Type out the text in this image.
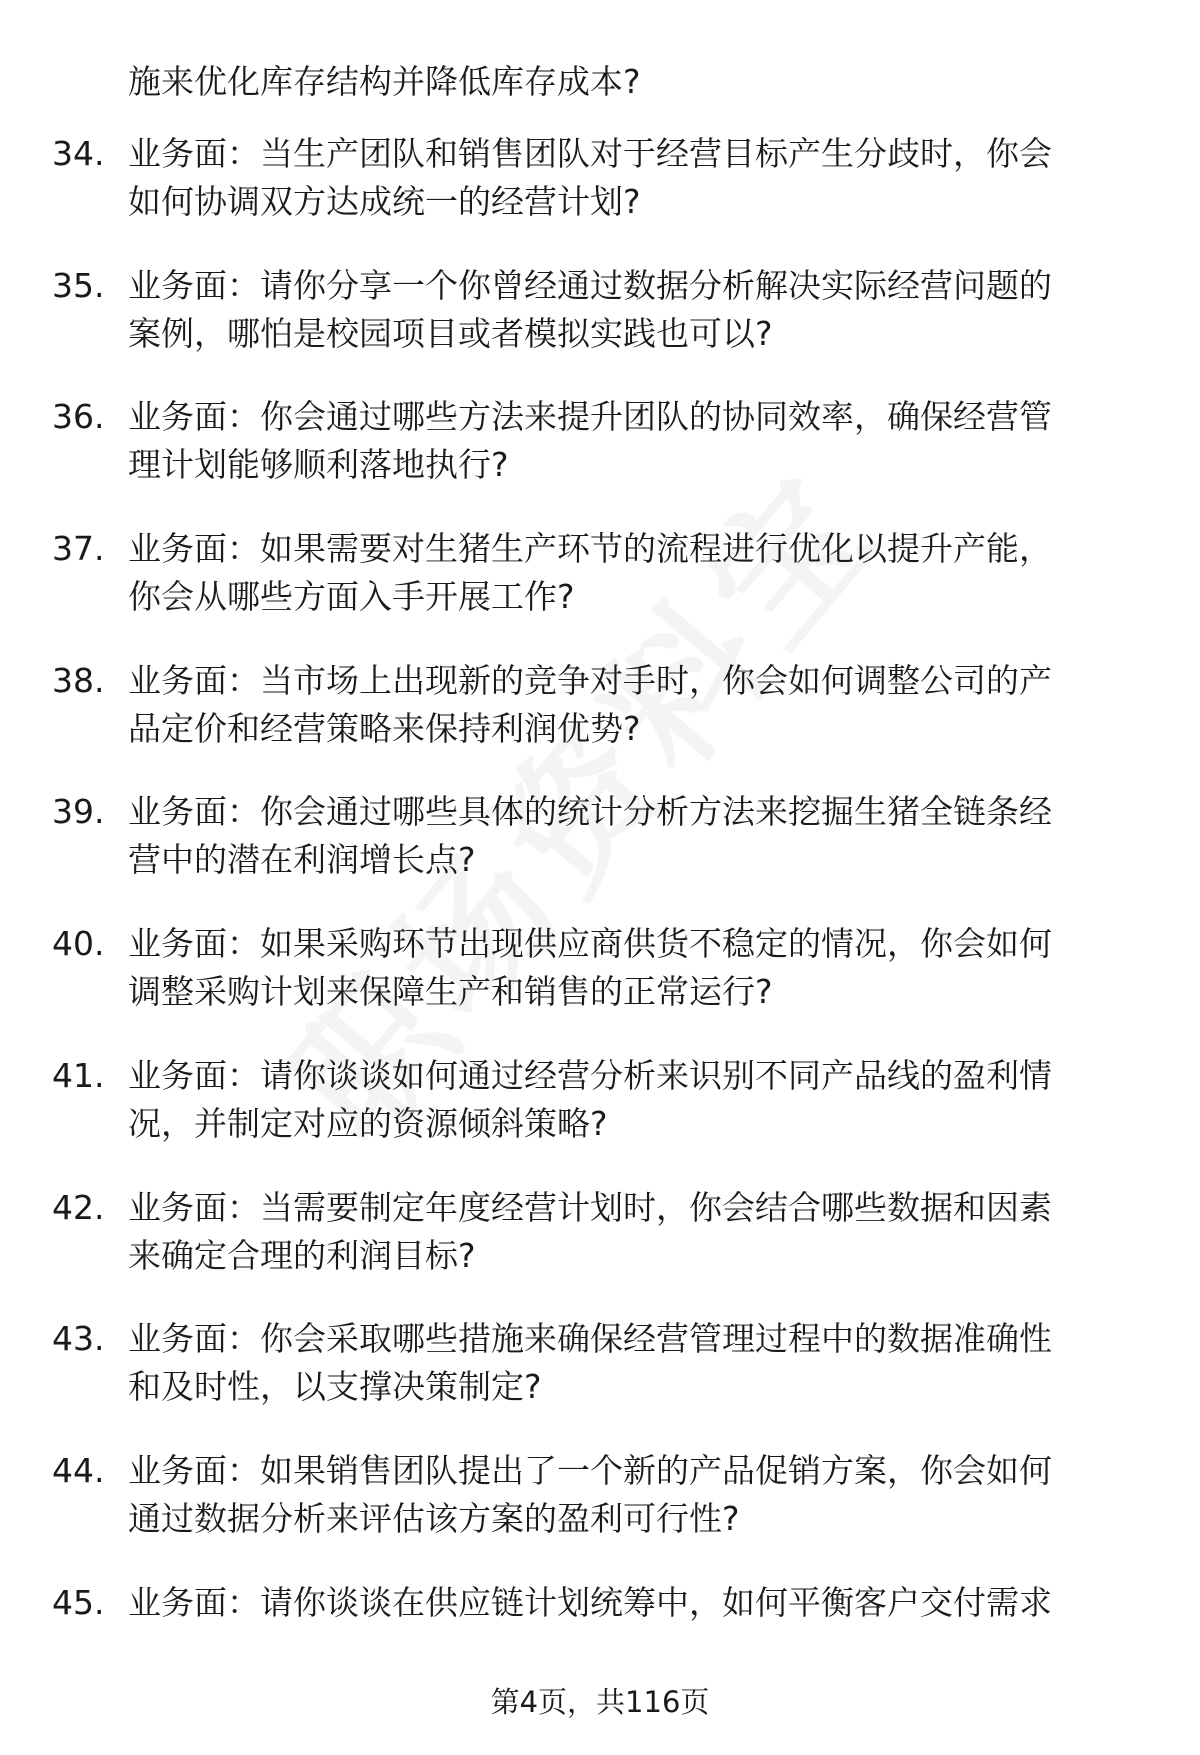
施来优化库存结构并降低库存成本?
34. 业务面：当生产团队和销售团队对于经营目标产生分歧时，你会
如何协调双方达成统一的经营计划?
35. 业务面：请你分享一个你曾经通过数据分析解决实际经营问题的
案例，哪怕是校园项目或者模拟实践也可以?
36. 业务面：你会通过哪些方法来提升团队的协同效率，确保经营管
理计划能够顺利落地执行?
37. 业务面：如果需要对生猪生产环节的流程进行优化以提升产能，
你会从哪些方面入手开展工作?
38. 业务面：当市场上出现新的竞争对手时，你会如何调整公司的产
品定价和经营策略来保持利润优势?
39. 业务面：你会通过哪些具体的统计分析方法来挖掘生猪全链条经
营中的潜在利润增长点?
40. 业务面：如果采购环节出现供应商供货不稳定的情况，你会如何
调整采购计划来保障生产和销售的正常运行?
41. 业务面：请你谈谈如何通过经营分析来识别不同产品线的盈利情
况，并制定对应的资源倾斜策略?
42. 业务面：当需要制定年度经营计划时，你会结合哪些数据和因素
来确定合理的利润目标?
43. 业务面：你会采取哪些措施来确保经营管理过程中的数据准确性
和及时性，以支撑决策制定?
44. 业务面：如果销售团队提出了一个新的产品促销方案，你会如何
通过数据分析来评估该方案的盈利可行性?
45. 业务面：请你谈谈在供应链计划统筹中，如何平衡客户交付需求
第4页，共116页
